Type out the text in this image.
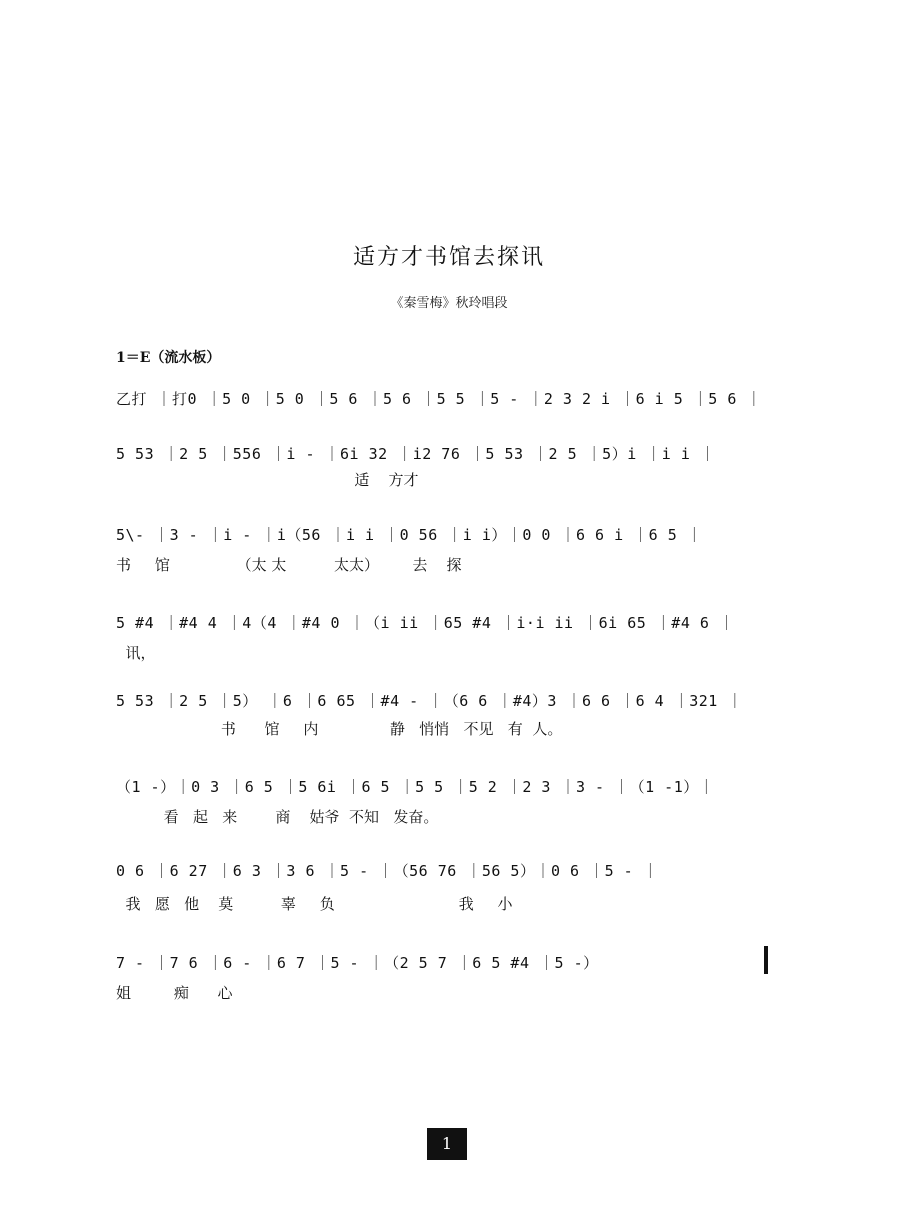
适方才书馆去探讯
《秦雪梅》秋玲唱段
1＝E（流水板）
乙打 ｜打0 ｜5 0 ｜5 0 ｜5 6 ｜5 6 ｜5 5 ｜5 - ｜2 3 2 i ｜6 i 5 ｜5 6 ｜
5 53 ｜2 5 ｜556 ｜i - ｜6i 32 ｜i2 76 ｜5 53 ｜2 5 ｜5）i ｜i i ｜
适    方才
5\- ｜3 - ｜i - ｜i（56 ｜i i ｜0 56 ｜i i）｜0 0 ｜6 6 i ｜6 5 ｜
书     馆              （太 太          太太）       去    探
5 #4 ｜#4 4 ｜4（4 ｜#4 0 ｜（i ii ｜65 #4 ｜i·i ii ｜6i 65 ｜#4 6 ｜
讯，
5 53 ｜2 5 ｜5） ｜6 ｜6 65 ｜#4 - ｜（6 6 ｜#4）3 ｜6 6 ｜6 4 ｜321 ｜
书      馆     内               静   悄悄   不见   有  人。
（1 -）｜0 3 ｜6 5 ｜5 6i ｜6 5 ｜5 5 ｜5 2 ｜2 3 ｜3 - ｜（1 -1）｜
看   起   来        商    姑爷  不知   发奋。
0 6 ｜6 27 ｜6 3 ｜3 6 ｜5 - ｜（56 76 ｜56 5）｜0 6 ｜5 - ｜
我   愿   他    莫          辜     负                          我     小
7 - ｜7 6 ｜6 - ｜6 7 ｜5 - ｜（2 5 7 ｜6 5 #4 ｜5 -）
姐         痴      心
1
